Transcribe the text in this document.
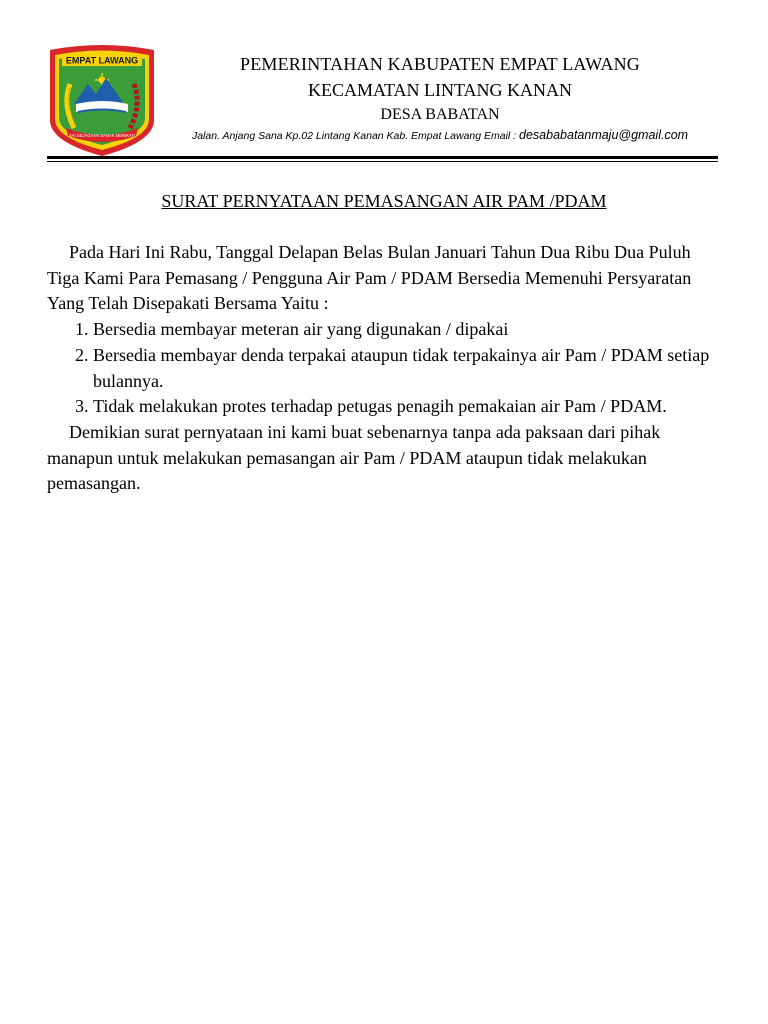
EMPAT LAWANG
SAI SEJAGAAN SANAK MERIKATI
PEMERINTAHAN KABUPATEN EMPAT LAWANG
KECAMATAN LINTANG KANAN
DESA BABATAN
Jalan. Anjang Sana Kp.02 Lintang Kanan Kab. Empat Lawang Email : desababatanmaju@gmail.com
SURAT PERNYATAAN PEMASANGAN AIR PAM /PDAM

Pada Hari Ini Rabu, Tanggal Delapan Belas Bulan Januari Tahun Dua Ribu Dua Puluh Tiga Kami Para Pemasang / Pengguna Air Pam / PDAM Bersedia Memenuhi Persyaratan Yang Telah Disepakati Bersama Yaitu :

1. Bersedia membayar meteran air yang digunakan / dipakai
2. Bersedia membayar denda terpakai ataupun tidak terpakainya air Pam / PDAM setiap bulannya.
3. Tidak melakukan protes terhadap petugas penagih pemakaian air Pam / PDAM.

Demikian surat pernyataan ini kami buat sebenarnya tanpa ada paksaan dari pihak manapun untuk melakukan pemasangan air Pam / PDAM ataupun tidak melakukan pemasangan.
